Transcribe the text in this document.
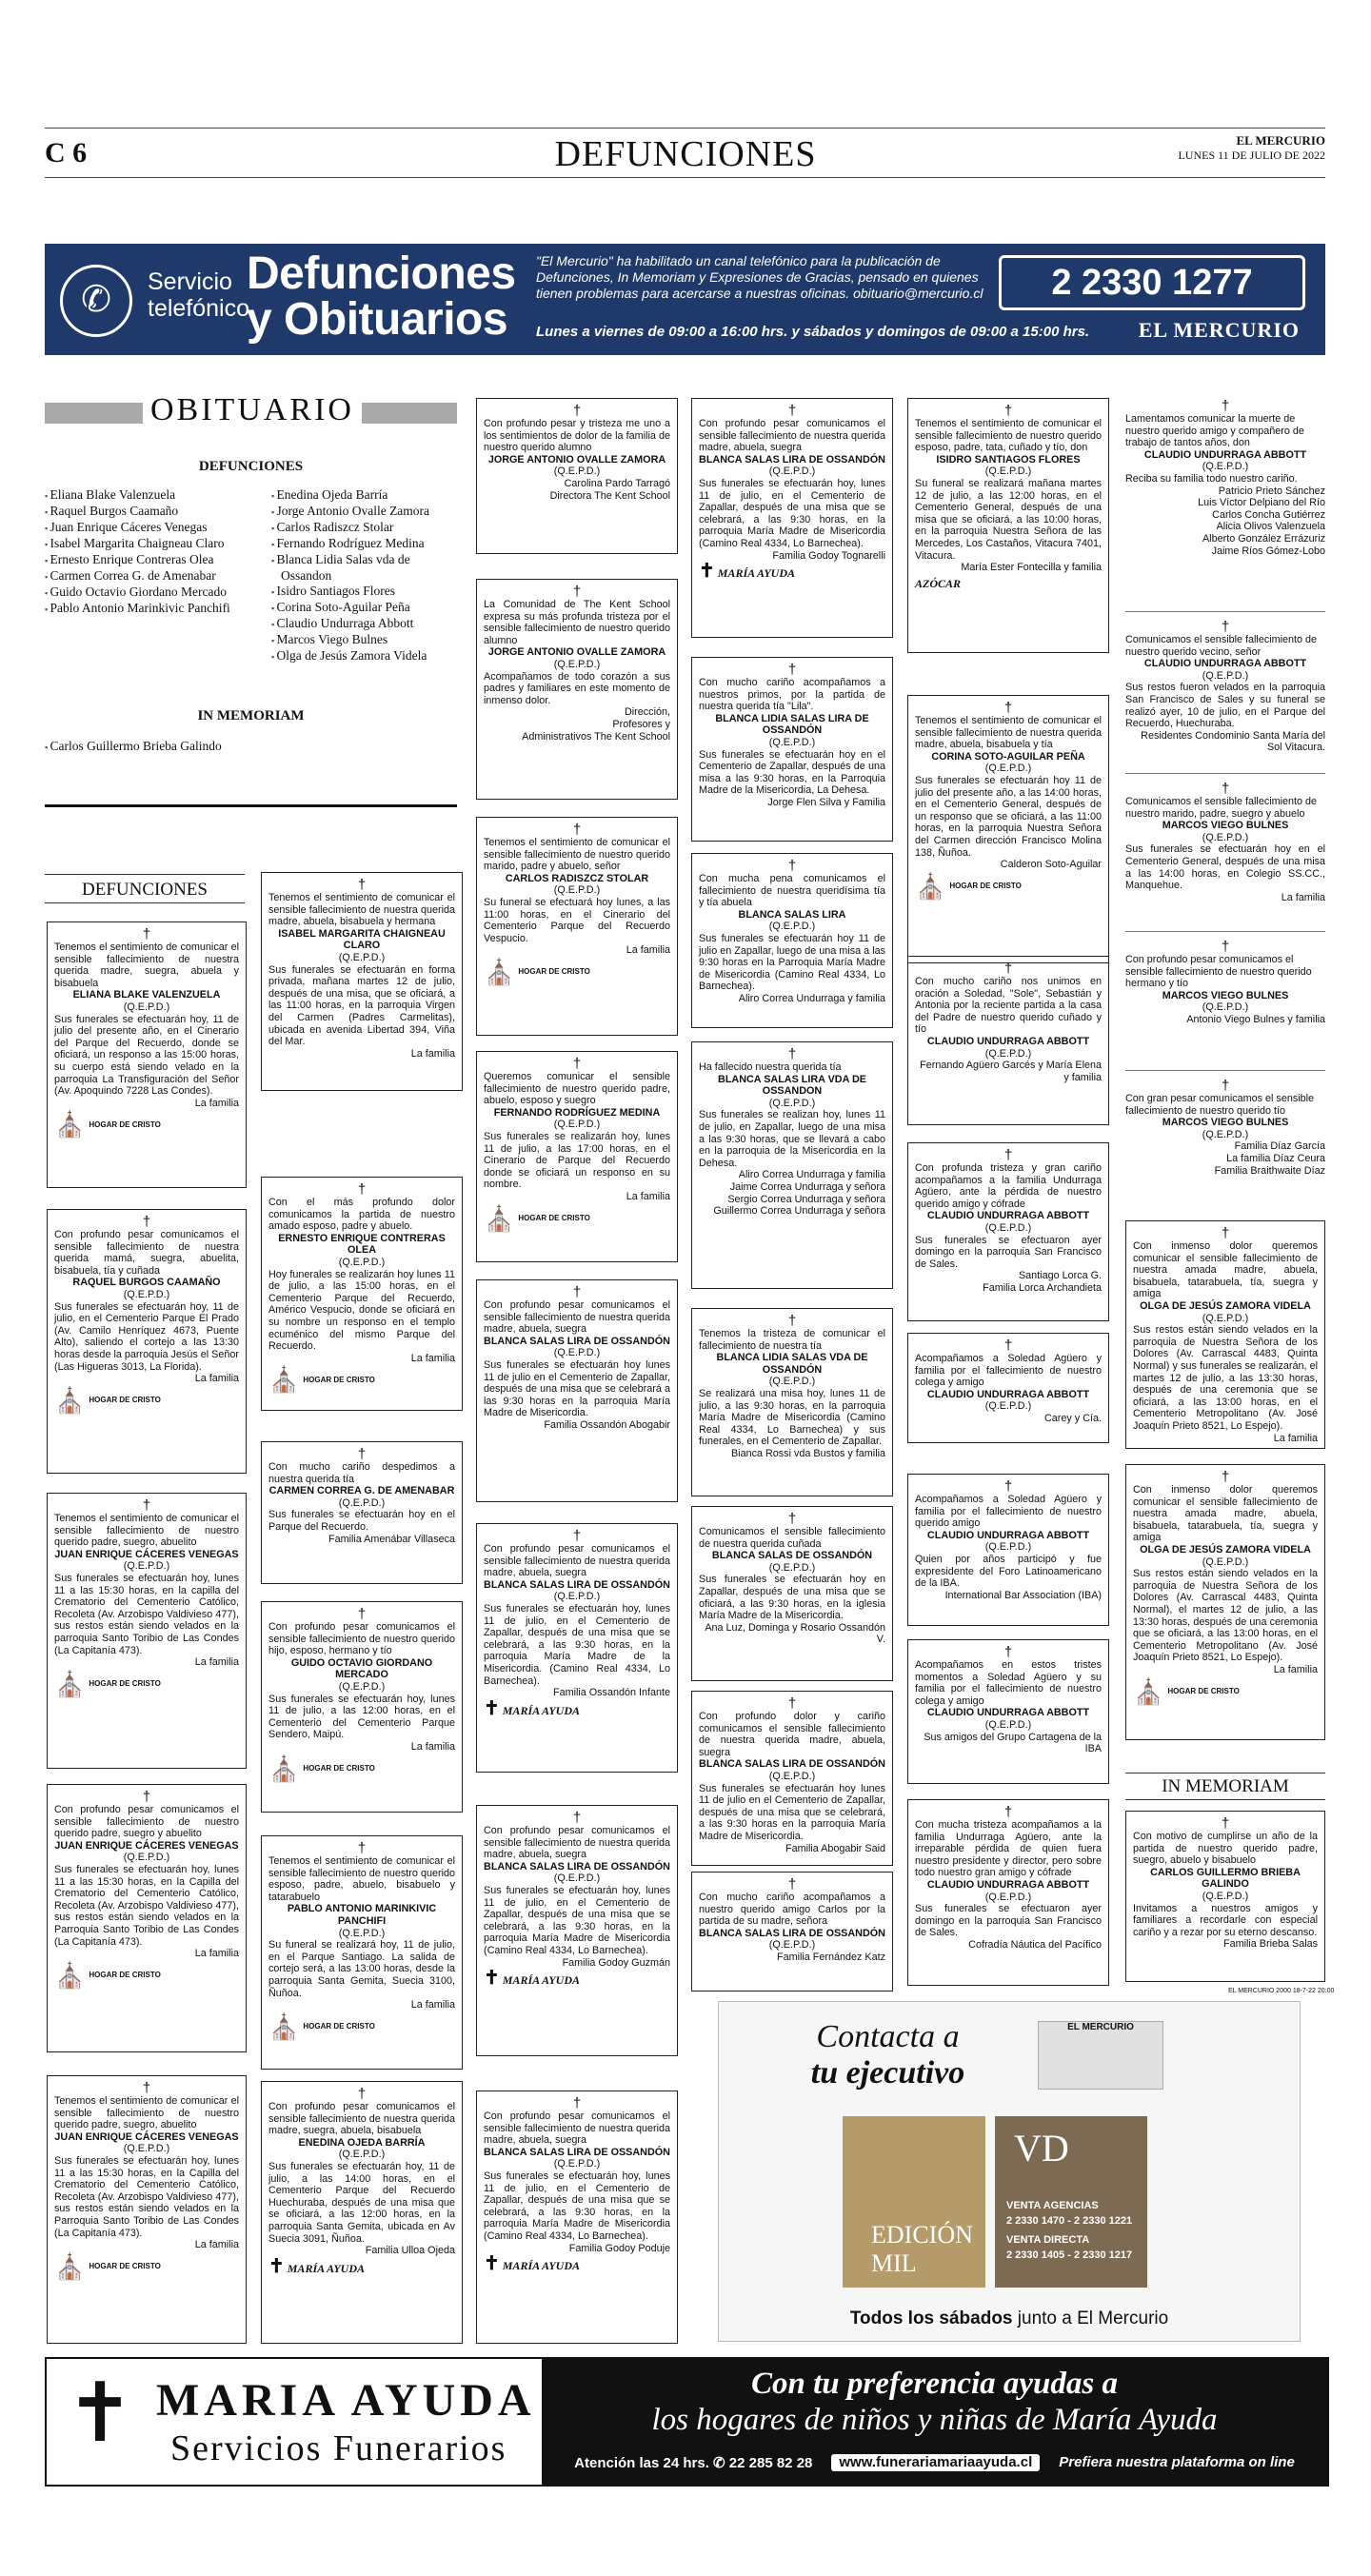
C 6	DEFUNCIONES	EL MERCURIO
LUNES 11 DE JULIO DE 2022
✆	Servicio
telefónico
Defunciones
y Obituarios
"El Mercurio" ha habilitado un canal telefónico para la publicación de Defunciones, In Memoriam y Expresiones de Gracias, pensado en quienes tienen problemas para acercarse a nuestras oficinas. obituario@mercurio.cl
Lunes a viernes de 09:00 a 16:00 hrs. y sábados y domingos de 09:00 a 15:00 hrs.
2 2330 1277
EL MERCURIO
OBITUARIO
DEFUNCIONES
▪ Eliana Blake Valenzuela
▪ Raquel Burgos Caamaño
▪ Juan Enrique Cáceres Venegas
▪ Isabel Margarita Chaigneau Claro
▪ Ernesto Enrique Contreras Olea
▪ Carmen Correa G. de Amenabar
▪ Guido Octavio Giordano Mercado
▪ Pablo Antonio Marinkivic Panchifi
▪ Enedina Ojeda Barría
▪ Jorge Antonio Ovalle Zamora
▪ Carlos Radiszcz Stolar
▪ Fernando Rodríguez Medina
▪ Blanca Lidia Salas vda de Ossandon
▪ Isidro Santiagos Flores
▪ Corina Soto-Aguilar Peña
▪ Claudio Undurraga Abbott
▪ Marcos Viego Bulnes
▪ Olga de Jesús Zamora Videla
IN MEMORIAM
▪ Carlos Guillermo Brieba Galindo
DEFUNCIONES
†
Tenemos el sentimiento de comunicar el sensible fallecimiento de nuestra querida madre, suegra, abuela y bisabuela
ELIANA BLAKE VALENZUELA
(Q.E.P.D.)
Sus funerales se efectuarán hoy, 11 de julio del presente año, en el Cinerario del Parque del Recuerdo, donde se oficiará, un responso a las 15:00 horas, su cuerpo está siendo velado en la parroquia La Transfiguración del Señor (Av. Apoquindo 7228 Las Condes).
La familia
⛪ HOGAR DE CRISTO
†
Con profundo pesar comunicamos el sensible fallecimiento de nuestra querida mamá, suegra, abuelita, bisabuela, tía y cuñada
RAQUEL BURGOS CAAMAÑO
(Q.E.P.D.)
Sus funerales se efectuarán hoy, 11 de julio, en el Cementerio Parque El Prado (Av. Camilo Henríquez 4673, Puente Alto), saliendo el cortejo a las 13:30 horas desde la parroquia Jesús el Señor (Las Higueras 3013, La Florida).
La familia
⛪ HOGAR DE CRISTO
†
Tenemos el sentimiento de comunicar el sensible fallecimiento de nuestro querido padre, suegro, abuelito
JUAN ENRIQUE CÁCERES VENEGAS
(Q.E.P.D.)
Sus funerales se efectuarán hoy, lunes 11 a las 15:30 horas, en la capilla del Crematorio del Cementerio Católico, Recoleta (Av. Arzobispo Valdivieso 477), sus restos están siendo velados en la parroquia Santo Toribio de Las Condes (La Capitanía 473).
La familia
⛪ HOGAR DE CRISTO
†
Con profundo pesar comunicamos el sensible fallecimiento de nuestro querido padre, suegro y abuelito
JUAN ENRIQUE CÁCERES VENEGAS
(Q.E.P.D.)
Sus funerales se efectuarán hoy, lunes 11 a las 15:30 horas, en la Capilla del Crematorio del Cementerio Católico, Recoleta (Av. Arzobispo Valdivieso 477), sus restos están siendo velados en la Parroquia Santo Toribio de Las Condes (La Capitanía 473).
La familia
⛪ HOGAR DE CRISTO
†
Tenemos el sentimiento de comunicar el sensible fallecimiento de nuestro querido padre, suegro, abuelito
JUAN ENRIQUE CÁCERES VENEGAS
(Q.E.P.D.)
Sus funerales se efectuarán hoy, lunes 11 a las 15:30 horas, en la Capilla del Crematorio del Cementerio Católico, Recoleta (Av. Arzobispo Valdivieso 477), sus restos están siendo velados en la Parroquia Santo Toribio de Las Condes (La Capitanía 473).
La familia
⛪ HOGAR DE CRISTO
†
Tenemos el sentimiento de comunicar el sensible fallecimiento de nuestra querida madre, abuela, bisabuela y hermana
ISABEL MARGARITA CHAIGNEAU CLARO
(Q.E.P.D.)
Sus funerales se efectuarán en forma privada, mañana martes 12 de julio, después de una misa, que se oficiará, a las 11:00 horas, en la parroquia Virgen del Carmen (Padres Carmelitas), ubicada en avenida Libertad 394, Viña del Mar.
La familia
†
Con el más profundo dolor comunicamos la partida de nuestro amado esposo, padre y abuelo.
ERNESTO ENRIQUE CONTRERAS OLEA
(Q.E.P.D.)
Hoy funerales se realizarán hoy lunes 11 de julio, a las 15:00 horas, en el Cementerio Parque del Recuerdo, Américo Vespucio, donde se oficiará en su nombre un responso en el templo ecuménico del mismo Parque del Recuerdo.
La familia
⛪ HOGAR DE CRISTO
†
Con mucho cariño despedimos a nuestra querida tía
CARMEN CORREA G. DE AMENABAR
(Q.E.P.D.)
Sus funerales se efectuarán hoy en el Parque del Recuerdo.
Familia Amenábar Villaseca
†
Con profundo pesar comunicamos el sensible fallecimiento de nuestro querido hijo, esposo, hermano y tío
GUIDO OCTAVIO GIORDANO MERCADO
(Q.E.P.D.)
Sus funerales se efectuarán hoy, lunes 11 de julio, a las 12:00 horas, en el Cementerio del Cementerio Parque Sendero, Maipú.
La familia
⛪ HOGAR DE CRISTO
†
Tenemos el sentimiento de comunicar el sensible fallecimiento de nuestro querido esposo, padre, abuelo, bisabuelo y tatarabuelo
PABLO ANTONIO MARINKIVIC PANCHIFI
(Q.E.P.D.)
Su funeral se realizará hoy, 11 de julio, en el Parque Santiago. La salida de cortejo será, a las 13:00 horas, desde la parroquia Santa Gemita, Suecia 3100, Ñuñoa.
La familia
⛪ HOGAR DE CRISTO
†
Con profundo pesar comunicamos el sensible fallecimiento de nuestra querida madre, suegra, abuela, bisabuela
ENEDINA OJEDA BARRÍA
(Q.E.P.D.)
Sus funerales se efectuarán hoy, 11 de julio, a las 14:00 horas, en el Cementerio Parque del Recuerdo Huechuraba, después de una misa que se oficiará, a las 12:00 horas, en la parroquia Santa Gemita, ubicada en Av Suecia 3091, Ñuñoa.
Familia Ulloa Ojeda
✝ MARÍA AYUDA
†
Con profundo pesar y tristeza me uno a los sentimientos de dolor de la familia de nuestro querido alumno
JORGE ANTONIO OVALLE ZAMORA
(Q.E.P.D.)
Carolina Pardo Tarragó
Directora The Kent School
†
La Comunidad de The Kent School expresa su más profunda tristeza por el sensible fallecimiento de nuestro querido alumno
JORGE ANTONIO OVALLE ZAMORA
(Q.E.P.D.)
Acompañamos de todo corazón a sus padres y familiares en este momento de inmenso dolor.
Dirección,
Profesores y
Administrativos The Kent School
†
Tenemos el sentimiento de comunicar el sensible fallecimiento de nuestro querido marido, padre y abuelo, señor
CARLOS RADISZCZ STOLAR
(Q.E.P.D.)
Su funeral se efectuará hoy lunes, a las 11:00 horas, en el Cinerario del Cementerio Parque del Recuerdo Vespucio.
La familia
⛪ HOGAR DE CRISTO
†
Queremos comunicar el sensible fallecimiento de nuestro querido padre, abuelo, esposo y suegro
FERNANDO RODRÍGUEZ MEDINA
(Q.E.P.D.)
Sus funerales se realizarán hoy, lunes 11 de julio, a las 17:00 horas, en el Cinerario de Parque del Recuerdo donde se oficiará un responso en su nombre.
La familia
⛪ HOGAR DE CRISTO
†
Con profundo pesar comunicamos el sensible fallecimiento de nuestra querida madre, abuela, suegra
BLANCA SALAS LIRA DE OSSANDÓN
(Q.E.P.D.)
Sus funerales se efectuarán hoy lunes 11 de julio en el Cementerio de Zapallar, después de una misa que se celebrará a las 9:30 horas en la parroquia María Madre de Misericordia.
Familia Ossandón Abogabir
†
Con profundo pesar comunicamos el sensible fallecimiento de nuestra querida madre, abuela, suegra
BLANCA SALAS LIRA DE OSSANDÓN
(Q.E.P.D.)
Sus funerales se efectuarán hoy, lunes 11 de julio, en el Cementerio de Zapallar, después de una misa que se celebrará, a las 9:30 horas, en la parroquia María Madre de la Misericordia. (Camino Real 4334, Lo Barnechea).
Familia Ossandón Infante
✝ MARÍA AYUDA
†
Con profundo pesar comunicamos el sensible fallecimiento de nuestra querida madre, abuela, suegra
BLANCA SALAS LIRA DE OSSANDÓN
(Q.E.P.D.)
Sus funerales se efectuarán hoy, lunes 11 de julio, en el Cementerio de Zapallar, después de una misa que se celebrará, a las 9:30 horas, en la parroquia María Madre de Misericordia (Camino Real 4334, Lo Barnechea).
Familia Godoy Guzmán
✝ MARÍA AYUDA
†
Con profundo pesar comunicamos el sensible fallecimiento de nuestra querida madre, abuela, suegra
BLANCA SALAS LIRA DE OSSANDÓN
(Q.E.P.D.)
Sus funerales se efectuarán hoy, lunes 11 de julio, en el Cementerio de Zapallar, después de una misa que se celebrará, a las 9:30 horas, en la parroquia María Madre de Misericordia (Camino Real 4334, Lo Barnechea).
Familia Godoy Poduje
✝ MARÍA AYUDA
†
Con profundo pesar comunicamos el sensible fallecimiento de nuestra querida madre, abuela, suegra
BLANCA SALAS LIRA DE OSSANDÓN
(Q.E.P.D.)
Sus funerales se efectuarán hoy, lunes 11 de julio, en el Cementerio de Zapallar, después de una misa que se celebrará, a las 9:30 horas, en la parroquia María Madre de Misericordia (Camino Real 4334, Lo Barnechea).
Familia Godoy Tognarelli
✝ MARÍA AYUDA
†
Con mucho cariño acompañamos a nuestros primos, por la partida de nuestra querida tía "Lila".
BLANCA LIDIA SALAS LIRA DE OSSANDÓN
(Q.E.P.D.)
Sus funerales se efectuarán hoy en el Cementerio de Zapallar, después de una misa a las 9:30 horas, en la Parroquia Madre de la Misericordia, La Dehesa.
Jorge Flen Silva y Familia
†
Con mucha pena comunicamos el fallecimiento de nuestra queridísima tía y tía abuela
BLANCA SALAS LIRA
(Q.E.P.D.)
Sus funerales se efectuarán hoy 11 de julio en Zapallar, luego de una misa a las 9:30 horas en la Parroquia María Madre de Misericordia (Camino Real 4334, Lo Barnechea).
Aliro Correa Undurraga y familia
†
Ha fallecido nuestra querida tía
BLANCA SALAS LIRA VDA DE OSSANDON
(Q.E.P.D.)
Sus funerales se realizan hoy, lunes 11 de julio, en Zapallar, luego de una misa a las 9:30 horas, que se llevará a cabo en la parroquia de la Misericordia en la Dehesa.
Aliro Correa Undurraga y familia
Jaime Correa Undurraga y señora
Sergio Correa Undurraga y señora
Guillermo Correa Undurraga y señora
†
Tenemos la tristeza de comunicar el fallecimiento de nuestra tía
BLANCA LIDIA SALAS VDA DE OSSANDÓN
(Q.E.P.D.)
Se realizará una misa hoy, lunes 11 de julio, a las 9:30 horas, en la parroquia María Madre de Misericordia (Camino Real 4334, Lo Barnechea) y sus funerales, en el Cementerio de Zapallar.
Bianca Rossi vda Bustos y familia
†
Comunicamos el sensible fallecimiento de nuestra querida cuñada
BLANCA SALAS DE OSSANDÓN
(Q.E.P.D.)
Sus funerales se efectuarán hoy en Zapallar, después de una misa que se oficiará, a las 9:30 horas, en la iglesia María Madre de la Misericordia.
Ana Luz, Dominga y Rosario Ossandón V.
†
Con profundo dolor y cariño comunicamos el sensible fallecimiento de nuestra querida madre, abuela, suegra
BLANCA SALAS LIRA DE OSSANDÓN
(Q.E.P.D.)
Sus funerales se efectuarán hoy lunes 11 de julio en el Cementerio de Zapallar, después de una misa que se celebrará, a las 9:30 horas en la parroquia María Madre de Misericordia.
Familia Abogabir Said
†
Con mucho cariño acompañamos a nuestro querido amigo Carlos por la partida de su madre, señora
BLANCA SALAS LIRA DE OSSANDÓN
(Q.E.P.D.)
Familia Fernández Katz
†
Tenemos el sentimiento de comunicar el sensible fallecimiento de nuestro querido esposo, padre, tata, cuñado y tío, don
ISIDRO SANTIAGOS FLORES
(Q.E.P.D.)
Su funeral se realizará mañana martes 12 de julio, a las 12:00 horas, en el Cementerio General, después de una misa que se oficiará, a las 10:00 horas, en la parroquia Nuestra Señora de las Mercedes, Los Castaños, Vitacura 7401, Vitacura.
María Ester Fontecilla y familia
AZÓCAR
†
Tenemos el sentimiento de comunicar el sensible fallecimiento de nuestra querida madre, abuela, bisabuela y tía
CORINA SOTO-AGUILAR PEÑA
(Q.E.P.D.)
Sus funerales se efectuarán hoy 11 de julio del presente año, a las 14:00 horas, en el Cementerio General, después de un responso que se oficiará, a las 11:00 horas, en la parroquia Nuestra Señora del Carmen dirección Francisco Molina 138, Ñuñoa.
Calderon Soto-Aguilar
⛪ HOGAR DE CRISTO
†
Con mucho cariño nos unimos en oración a Soledad, "Sole", Sebastián y Antonia por la reciente partida a la casa del Padre de nuestro querido cuñado y tío
CLAUDIO UNDURRAGA ABBOTT
(Q.E.P.D.)
Fernando Agüero Garcés y María Elena y familia
†
Con profunda tristeza y gran cariño acompañamos a la familia Undurraga Agüero, ante la pérdida de nuestro querido amigo y cófrade
CLAUDIO UNDURRAGA ABBOTT
(Q.E.P.D.)
Sus funerales se efectuaron ayer domingo en la parroquia San Francisco de Sales.
Santiago Lorca G.
Familia Lorca Archandieta
†
Acompañamos a Soledad Agüero y familia por el fallecimiento de nuestro colega y amigo
CLAUDIO UNDURRAGA ABBOTT
(Q.E.P.D.)
Carey y Cía.
†
Acompañamos a Soledad Agüero y familia por el fallecimiento de nuestro querido amigo
CLAUDIO UNDURRAGA ABBOTT
(Q.E.P.D.)
Quien por años participó y fue expresidente del Foro Latinoamericano de la IBA.
International Bar Association (IBA)
†
Acompañamos en estos tristes momentos a Soledad Agüero y su familia por el fallecimiento de nuestro colega y amigo
CLAUDIO UNDURRAGA ABBOTT
(Q.E.P.D.)
Sus amigos del Grupo Cartagena de la IBA
†
Con mucha tristeza acompañamos a la familia Undurraga Agüero, ante la irreparable pérdida de quien fuera nuestro presidente y director, pero sobre todo nuestro gran amigo y cófrade
CLAUDIO UNDURRAGA ABBOTT
(Q.E.P.D.)
Sus funerales se efectuaron ayer domingo en la parroquia San Francisco de Sales.
Cofradía Náutica del Pacífico
†
Lamentamos comunicar la muerte de nuestro querido amigo y compañero de trabajo de tantos años, don
CLAUDIO UNDURRAGA ABBOTT
(Q.E.P.D.)
Reciba su familia todo nuestro cariño.
Patricio Prieto Sánchez
Luis Víctor Delpiano del Río
Carlos Concha Gutiérrez
Alicia Olivos Valenzuela
Alberto González Errázuriz
Jaime Ríos Gómez-Lobo
†
Comunicamos el sensible fallecimiento de nuestro querido vecino, señor
CLAUDIO UNDURRAGA ABBOTT
(Q.E.P.D.)
Sus restos fueron velados en la parroquia San Francisco de Sales y su funeral se realizó ayer, 10 de julio, en el Parque del Recuerdo, Huechuraba.
Residentes Condominio Santa María del Sol Vitacura.
†
Comunicamos el sensible fallecimiento de nuestro marido, padre, suegro y abuelo
MARCOS VIEGO BULNES
(Q.E.P.D.)
Sus funerales se efectuarán hoy en el Cementerio General, después de una misa a las 14:00 horas, en Colegio SS.CC., Manquehue.
La familia
†
Con profundo pesar comunicamos el sensible fallecimiento de nuestro querido hermano y tío
MARCOS VIEGO BULNES
(Q.E.P.D.)
Antonio Viego Bulnes y familia
†
Con gran pesar comunicamos el sensible fallecimiento de nuestro querido tío
MARCOS VIEGO BULNES
(Q.E.P.D.)
Familia Díaz García
La familia Díaz Ceura
Familia Braithwaite Díaz
†
Con inmenso dolor queremos comunicar el sensible fallecimiento de nuestra amada madre, abuela, bisabuela, tatarabuela, tía, suegra y amiga
OLGA DE JESÚS ZAMORA VIDELA
(Q.E.P.D.)
Sus restos están siendo velados en la parroquia de Nuestra Señora de los Dolores (Av. Carrascal 4483, Quinta Normal) y sus funerales se realizarán, el martes 12 de julio, a las 13:30 horas, después de una ceremonia que se oficiará, a las 13:00 horas, en el Cementerio Metropolitano (Av. José Joaquín Prieto 8521, Lo Espejo).
La familia
†
Con inmenso dolor queremos comunicar el sensible fallecimiento de nuestra amada madre, abuela, bisabuela, tatarabuela, tía, suegra y amiga
OLGA DE JESÚS ZAMORA VIDELA
(Q.E.P.D.)
Sus restos están siendo velados en la parroquia de Nuestra Señora de los Dolores (Av. Carrascal 4483, Quinta Normal), el martes 12 de julio, a las 13:30 horas, después de una ceremonia que se oficiará, a las 13:00 horas, en el Cementerio Metropolitano (Av. José Joaquín Prieto 8521, Lo Espejo).
La familia
⛪ HOGAR DE CRISTO
IN MEMORIAM
†
Con motivo de cumplirse un año de la partida de nuestro querido padre, suegro, abuelo y bisabuelo
CARLOS GUILLERMO BRIEBA GALINDO
(Q.E.P.D.)
Invitamos a nuestros amigos y familiares a recordarle con especial cariño y a rezar por su eterno descanso.
Familia Brieba Salas
EL MERCURIO 2000 18-7-22 20:00
Contacta a
tu ejecutivo
EL MERCURIO
EDICIÓN MIL
VD
VENTA AGENCIAS
2 2330 1470 - 2 2330 1221
VENTA DIRECTA
2 2330 1405 - 2 2330 1217
Todos los sábados junto a El Mercurio
✝ MARIA AYUDA
Servicios Funerarios
Con tu preferencia ayudas a
los hogares de niños y niñas de María Ayuda
Atención las 24 hrs. ✆ 22 285 82 28	www.funerariamariaayuda.cl	Prefiera nuestra plataforma on line
